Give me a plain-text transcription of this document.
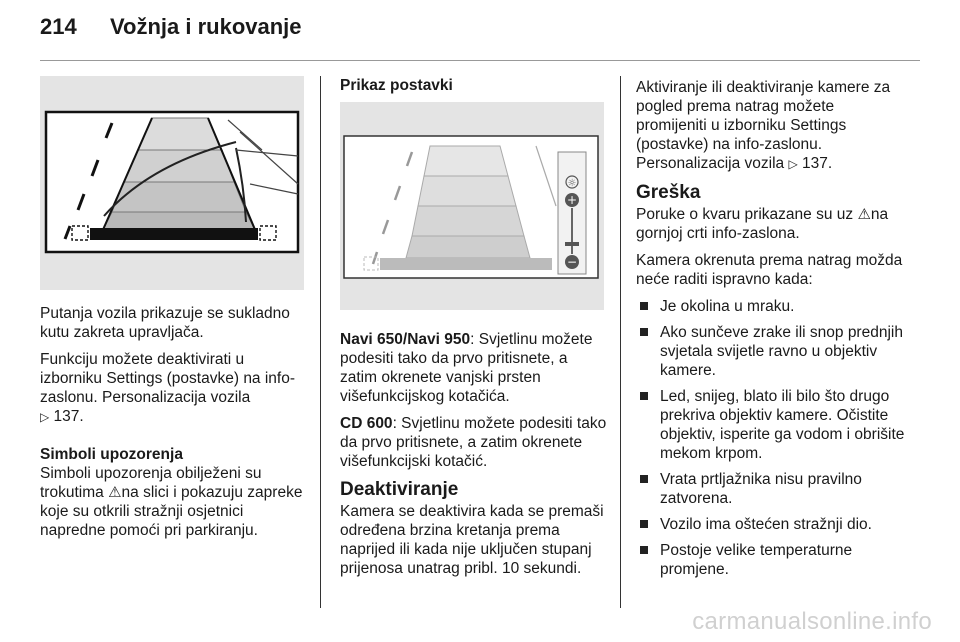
214 Vožnja i rukovanje

Putanja vozila prikazuje se sukladno kutu zakreta upravljača.

Funkciju možete deaktivirati u izborniku Settings (postavke) na info-zaslonu. Personalizacija vozila
▷ 137.

Simboli upozorenja

Simboli upozorenja obilježeni su trokutima ⚠na slici i pokazuju zapreke koje su otkrili stražnji osjetnici napredne pomoći pri parkiranju.

Prikaz postavki
☼
+
−

Navi 650/Navi 950: Svjetlinu možete podesiti tako da prvo pritisnete, a zatim okrenete vanjski prsten višefunkcijskog kotačića.

CD 600: Svjetlinu možete podesiti tako da prvo pritisnete, a zatim okrenete višefunkcijski kotačić.

Deaktiviranje

Kamera se deaktivira kada se premaši određena brzina kretanja prema naprijed ili kada nije uključen stupanj prijenosa unatrag pribl. 10 sekundi.

Aktiviranje ili deaktiviranje kamere za pogled prema natrag možete promijeniti u izborniku Settings (postavke) na info-zaslonu. Personalizacija vozila ▷ 137.

Greška

Poruke o kvaru prikazane su uz ⚠na gornjoj crti info-zaslona.

Kamera okrenuta prema natrag možda neće raditi ispravno kada:

Je okolina u mraku.
Ako sunčeve zrake ili snop prednjih svjetala svijetle ravno u objektiv kamere.
Led, snijeg, blato ili bilo što drugo prekriva objektiv kamere. Očistite objektiv, isperite ga vodom i obrišite mekom krpom.
Vrata prtljažnika nisu pravilno zatvorena.
Vozilo ima oštećen stražnji dio.
Postoje velike temperaturne promjene.
carmanualsonline.info
